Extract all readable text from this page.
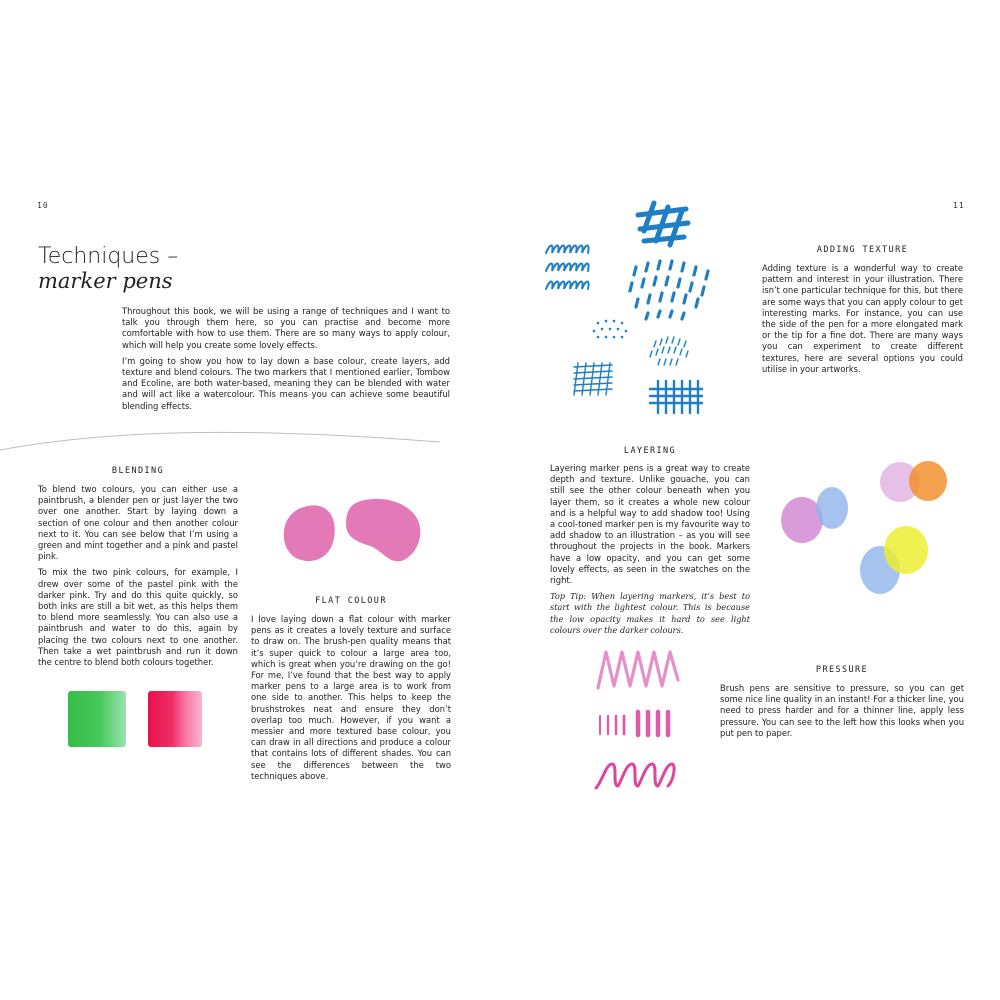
10	11
Techniques –
marker pens

Throughout this book, we will be using a range of techniques and I want to talk you through them here, so you can practise and become more comfortable with how to use them. There are so many ways to apply colour, which will help you create some lovely effects.

I’m going to show you how to lay down a base colour, create layers, add texture and blend colours. The two markers that I mentioned earlier, Tombow and Ecoline, are both water-based, meaning they can be blended with water and will act like a watercolour. This means you can achieve some beautiful blending effects.

BLENDING

To blend two colours, you can either use a paintbrush, a blender pen or just layer the two over one another. Start by laying down a section of one colour and then another colour next to it. You can see below that I’m using a green and mint together and a pink and pastel pink.

To mix the two pink colours, for example, I drew over some of the pastel pink with the darker pink. Try and do this quite quickly, so both inks are still a bit wet, as this helps them to blend more seamlessly. You can also use a paintbrush and water to do this, again by placing the two colours next to one another. Then take a wet paintbrush and run it down the centre to blend both colours together.

FLAT COLOUR

I love laying down a flat colour with marker pens as it creates a lovely texture and surface to draw on. The brush-pen quality means that it’s super quick to colour a large area too, which is great when you’re drawing on the go! For me, I’ve found that the best way to apply marker pens to a large area is to work from one side to another. This helps to keep the brushstrokes neat and ensure they don’t overlap too much. However, if you want a messier and more textured base colour, you can draw in all directions and produce a colour that contains lots of different shades. You can see the differences between the two techniques above.

ADDING TEXTURE

Adding texture is a wonderful way to create pattern and interest in your illustration. There isn’t one particular technique for this, but there are some ways that you can apply colour to get interesting marks. For instance, you can use the side of the pen for a more elongated mark or the tip for a fine dot. There are many ways you can experiment to create different textures, here are several options you could utilise in your artworks.

LAYERING

Layering marker pens is a great way to create depth and texture. Unlike gouache, you can still see the other colour beneath when you layer them, so it creates a whole new colour and is a helpful way to add shadow too! Using a cool-toned marker pen is my favourite way to add shadow to an illustration – as you will see throughout the projects in the book. Markers have a low opacity, and you can get some lovely effects, as seen in the swatches on the right.

Top Tip: When layering markers, it’s best to start with the lightest colour. This is because the low opacity makes it hard to see light colours over the darker colours.

PRESSURE

Brush pens are sensitive to pressure, so you can get some nice line quality in an instant! For a thicker line, you need to press harder and for a thinner line, apply less pressure. You can see to the left how this looks when you put pen to paper.
